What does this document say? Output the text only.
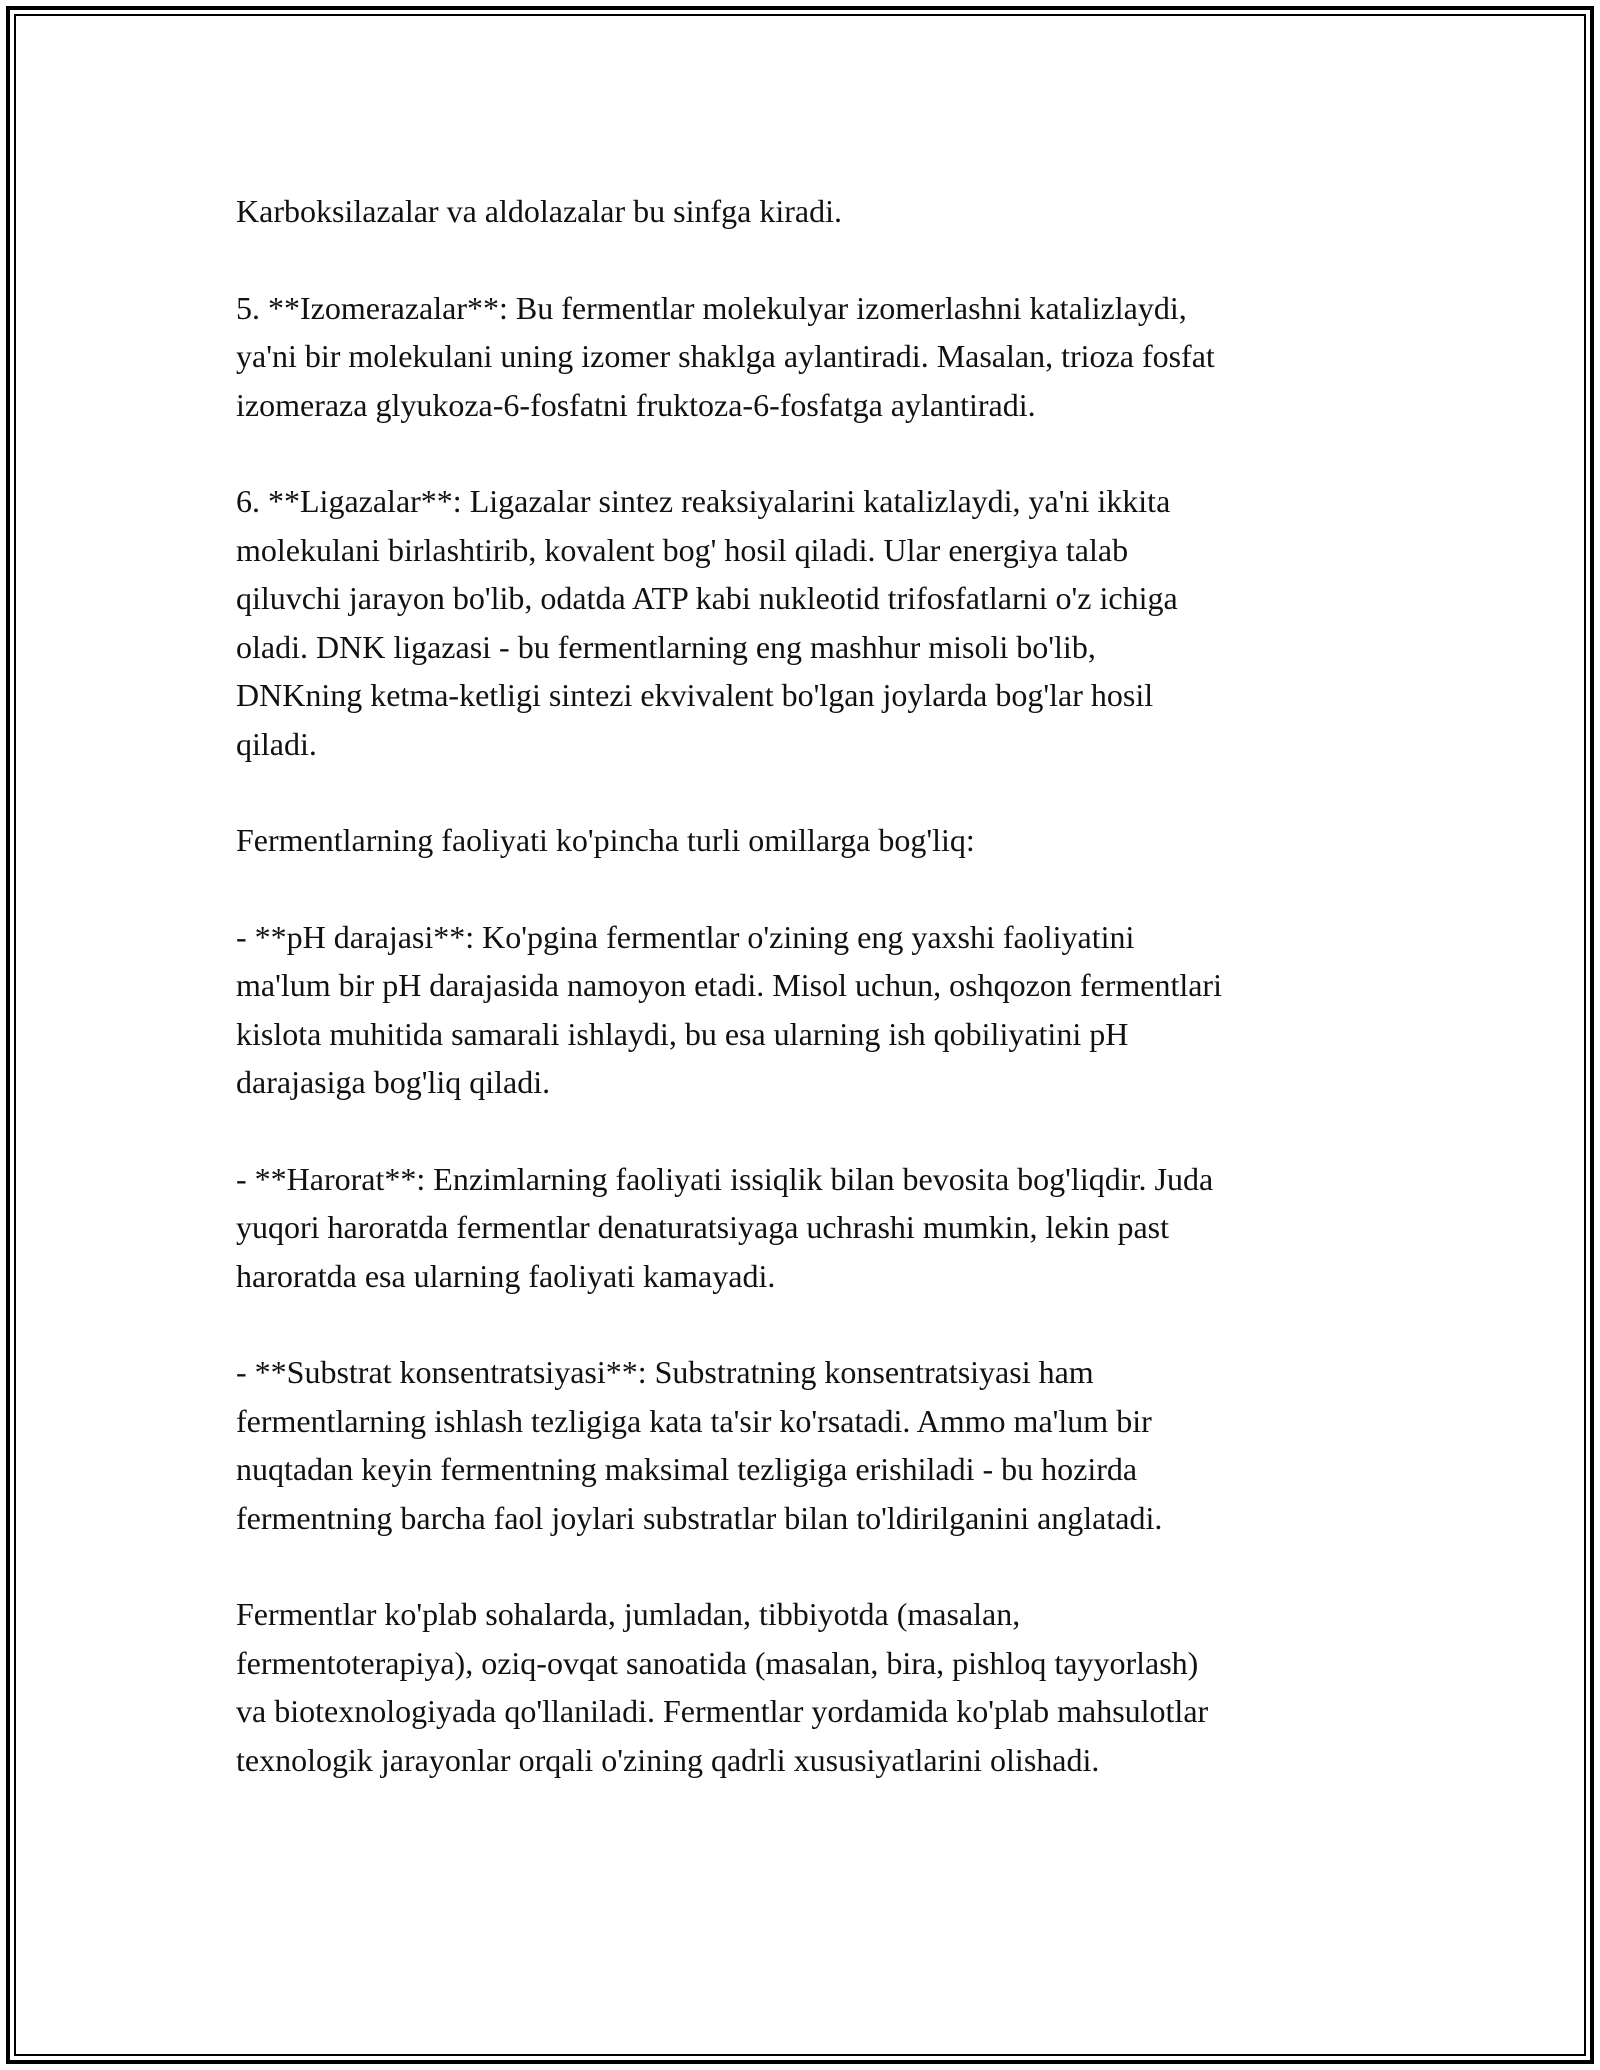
Karboksilazalar va aldolazalar bu sinfga kiradi.

5. **Izomerazalar**: Bu fermentlar molekulyar izomerlashni katalizlaydi,
ya'ni bir molekulani uning izomer shaklga aylantiradi. Masalan, trioza fosfat
izomeraza glyukoza-6-fosfatni fruktoza-6-fosfatga aylantiradi.

6. **Ligazalar**: Ligazalar sintez reaksiyalarini katalizlaydi, ya'ni ikkita
molekulani birlashtirib, kovalent bog' hosil qiladi. Ular energiya talab
qiluvchi jarayon bo'lib, odatda ATP kabi nukleotid trifosfatlarni o'z ichiga
oladi. DNK ligazasi - bu fermentlarning eng mashhur misoli bo'lib,
DNKning ketma-ketligi sintezi ekvivalent bo'lgan joylarda bog'lar hosil
qiladi.

Fermentlarning faoliyati ko'pincha turli omillarga bog'liq:

- **pH darajasi**: Ko'pgina fermentlar o'zining eng yaxshi faoliyatini
ma'lum bir pH darajasida namoyon etadi. Misol uchun, oshqozon fermentlari
kislota muhitida samarali ishlaydi, bu esa ularning ish qobiliyatini pH
darajasiga bog'liq qiladi.

- **Harorat**: Enzimlarning faoliyati issiqlik bilan bevosita bog'liqdir. Juda
yuqori haroratda fermentlar denaturatsiyaga uchrashi mumkin, lekin past
haroratda esa ularning faoliyati kamayadi.

- **Substrat konsentratsiyasi**: Substratning konsentratsiyasi ham
fermentlarning ishlash tezligiga kata ta'sir ko'rsatadi. Ammo ma'lum bir
nuqtadan keyin fermentning maksimal tezligiga erishiladi - bu hozirda
fermentning barcha faol joylari substratlar bilan to'ldirilganini anglatadi.

Fermentlar ko'plab sohalarda, jumladan, tibbiyotda (masalan,
fermentoterapiya), oziq-ovqat sanoatida (masalan, bira, pishloq tayyorlash)
va biotexnologiyada qo'llaniladi. Fermentlar yordamida ko'plab mahsulotlar
texnologik jarayonlar orqali o'zining qadrli xususiyatlarini olishadi.
